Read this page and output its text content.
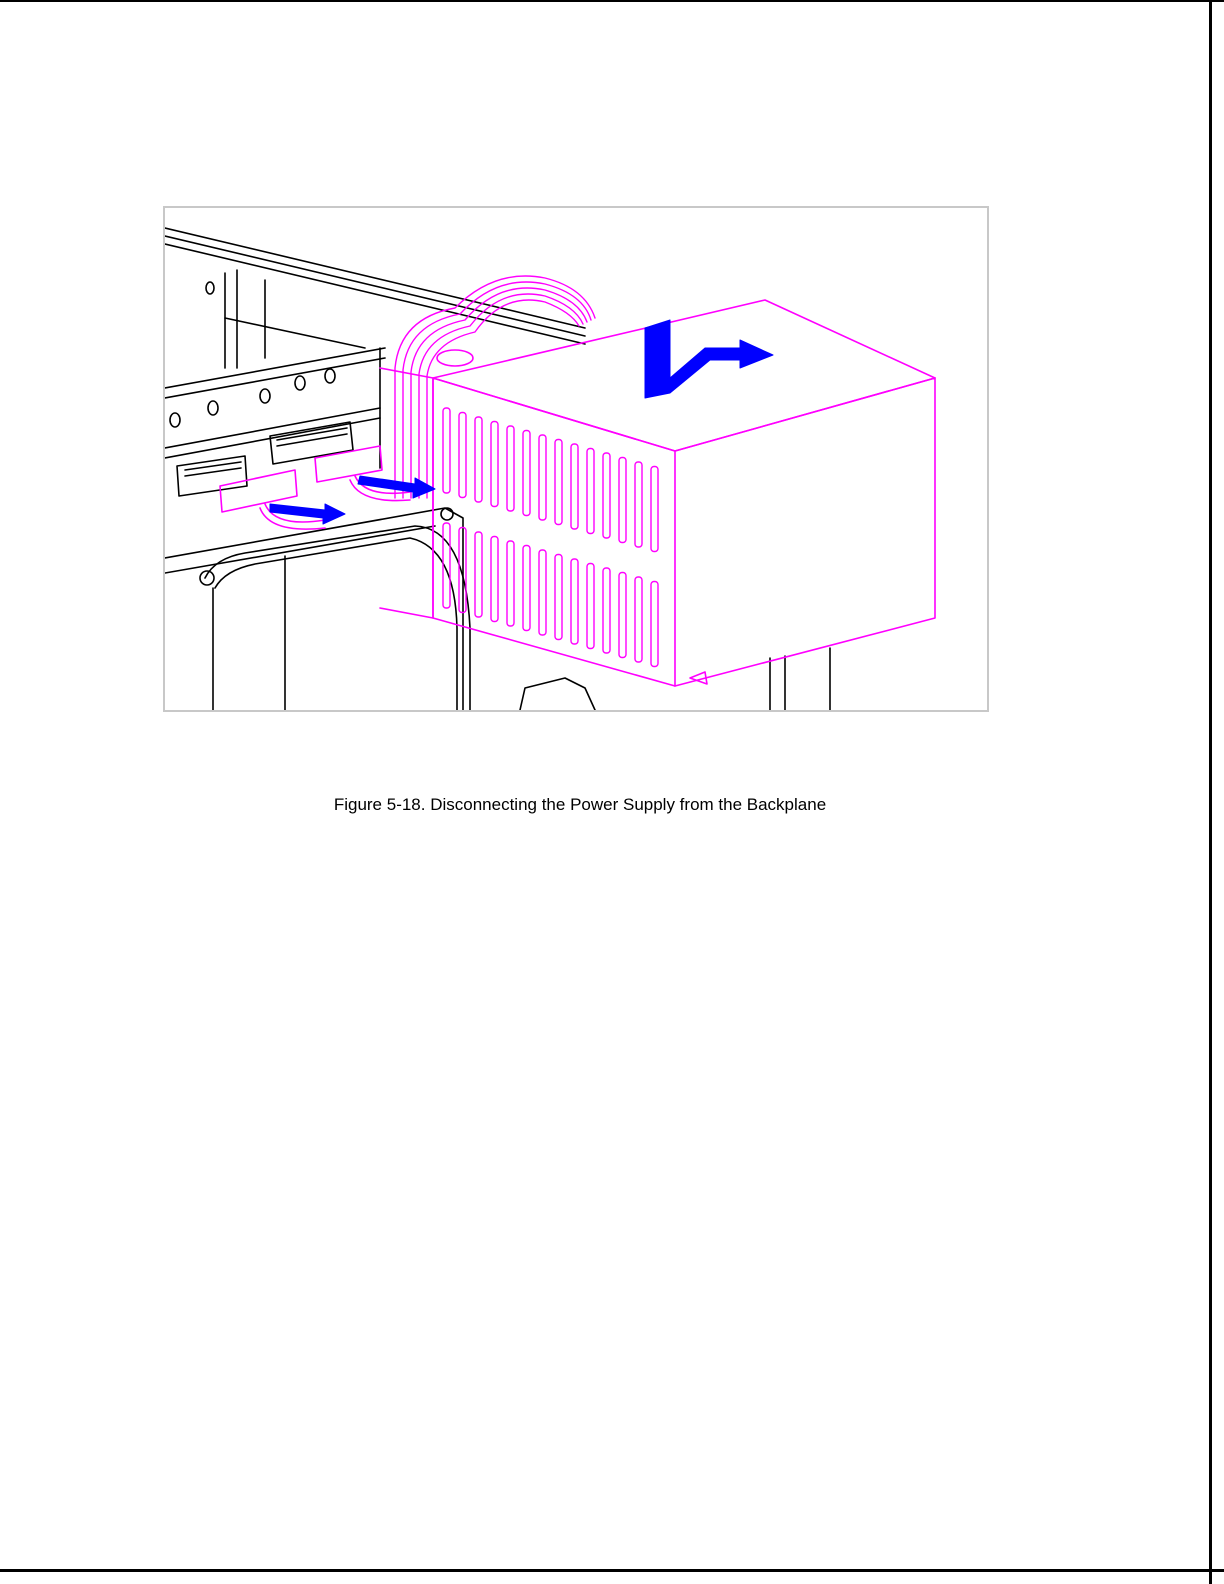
Figure 5-18. Disconnecting the Power Supply from the Backplane
